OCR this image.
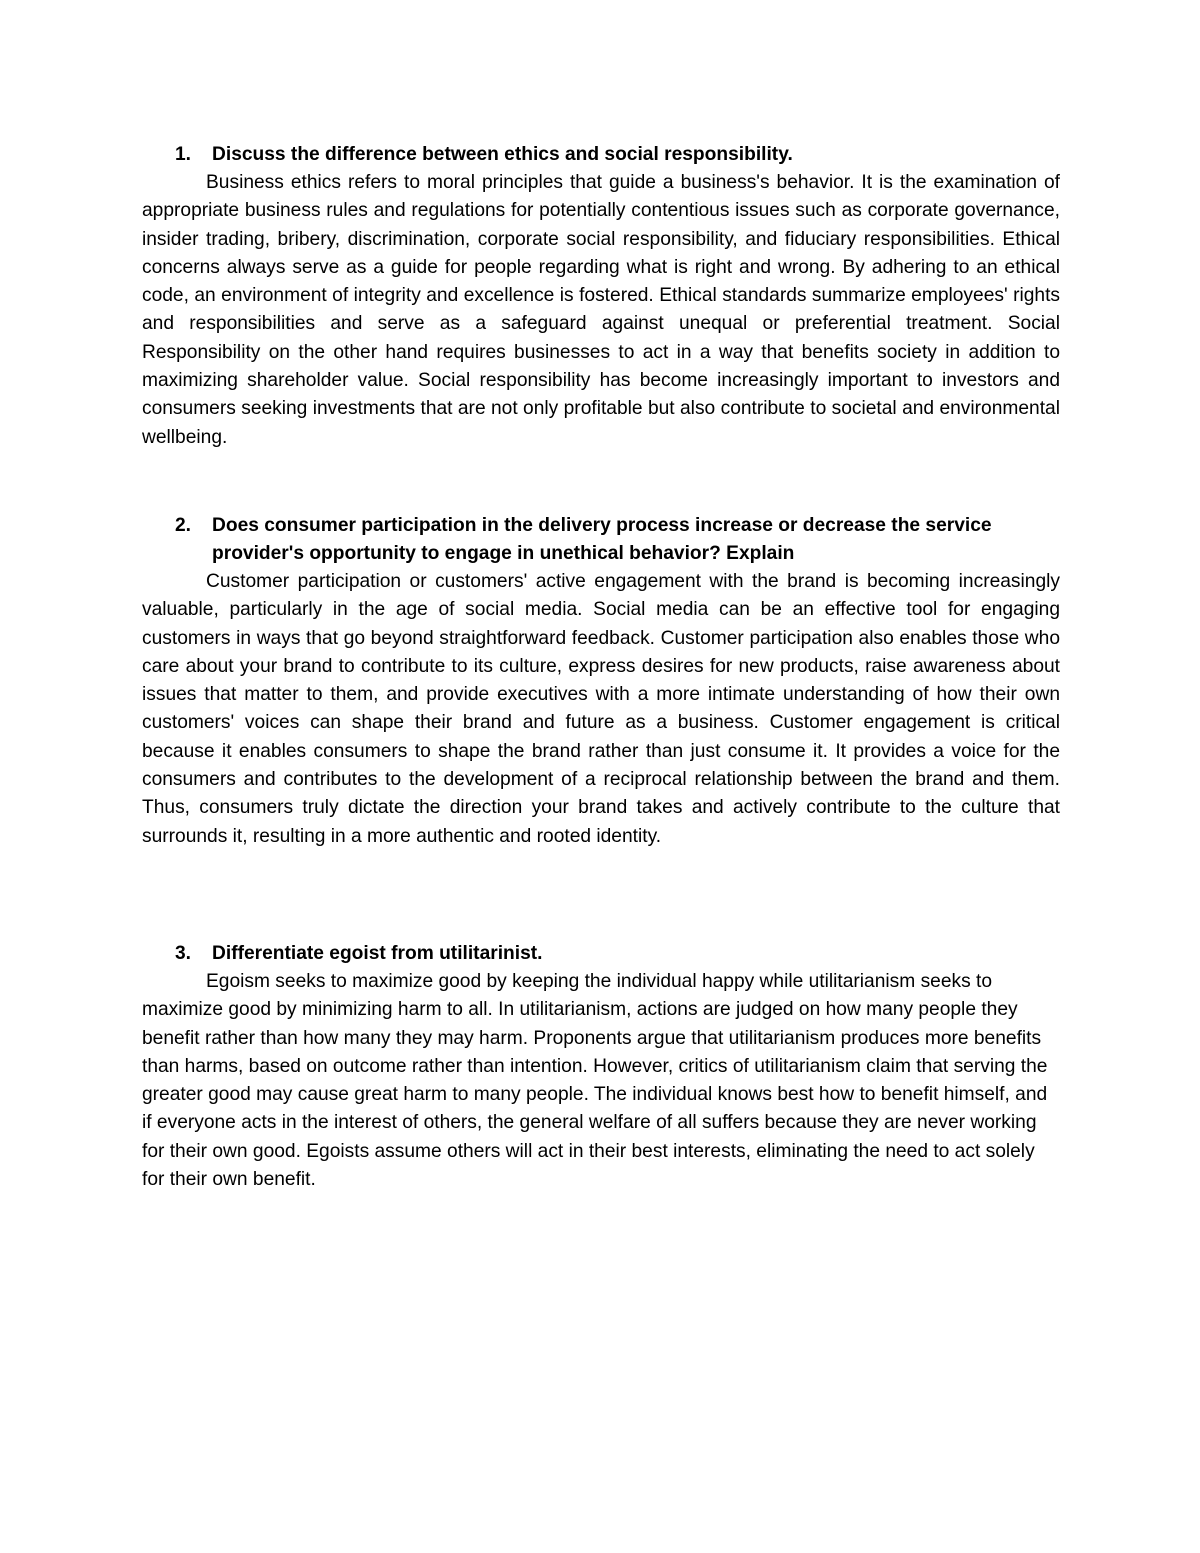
1.	Discuss the difference between ethics and social responsibility.

Business ethics refers to moral principles that guide a business's behavior. It is the examination of appropriate business rules and regulations for potentially contentious issues such as corporate governance, insider trading, bribery, discrimination, corporate social responsibility, and fiduciary responsibilities. Ethical concerns always serve as a guide for people regarding what is right and wrong. By adhering to an ethical code, an environment of integrity and excellence is fostered. Ethical standards summarize employees' rights and responsibilities and serve as a safeguard against unequal or preferential treatment. Social Responsibility on the other hand requires businesses to act in a way that benefits society in addition to maximizing shareholder value. Social responsibility has become increasingly important to investors and consumers seeking investments that are not only profitable but also contribute to societal and environmental wellbeing.

2.	Does consumer participation in the delivery process increase or decrease the service provider's opportunity to engage in unethical behavior? Explain

Customer participation or customers' active engagement with the brand is becoming increasingly valuable, particularly in the age of social media. Social media can be an effective tool for engaging customers in ways that go beyond straightforward feedback. Customer participation also enables those who care about your brand to contribute to its culture, express desires for new products, raise awareness about issues that matter to them, and provide executives with a more intimate understanding of how their own customers' voices can shape their brand and future as a business. Customer engagement is critical because it enables consumers to shape the brand rather than just consume it. It provides a voice for the consumers and contributes to the development of a reciprocal relationship between the brand and them. Thus, consumers truly dictate the direction your brand takes and actively contribute to the culture that surrounds it, resulting in a more authentic and rooted identity.

3.	Differentiate egoist from utilitarinist.

Egoism seeks to maximize good by keeping the individual happy while utilitarianism seeks to maximize good by minimizing harm to all. In utilitarianism, actions are judged on how many people they benefit rather than how many they may harm. Proponents argue that utilitarianism produces more benefits than harms, based on outcome rather than intention. However, critics of utilitarianism claim that serving the greater good may cause great harm to many people. The individual knows best how to benefit himself, and if everyone acts in the interest of others, the general welfare of all suffers because they are never working for their own good. Egoists assume others will act in their best interests, eliminating the need to act solely for their own benefit.
